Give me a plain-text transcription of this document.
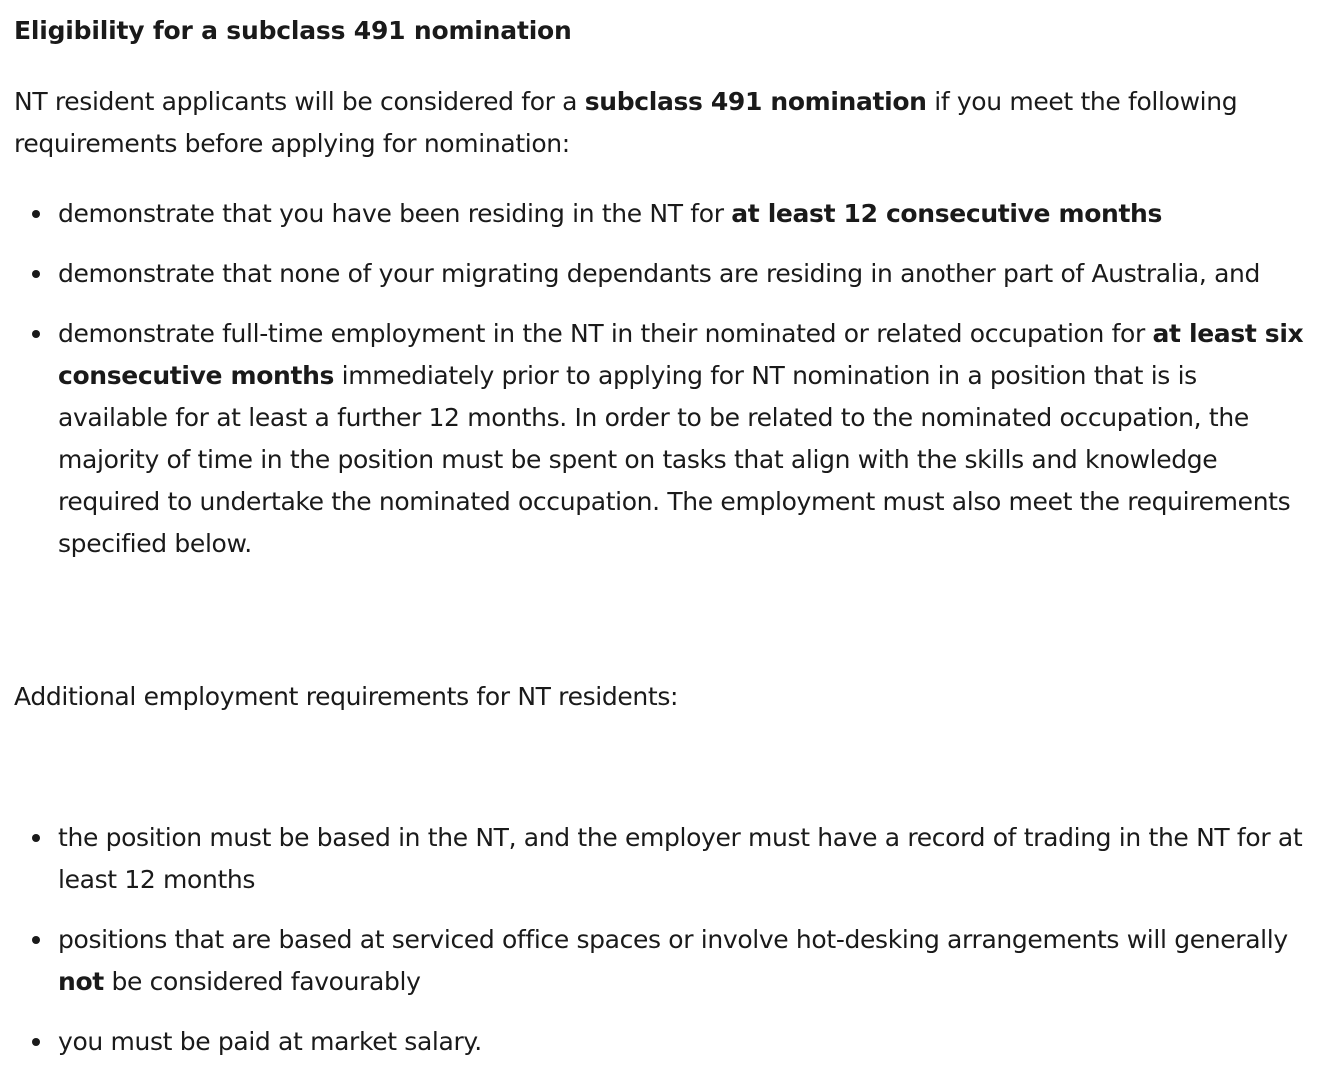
Eligibility for a subclass 491 nomination

NT resident applicants will be considered for a subclass 491 nomination if you meet the following requirements before applying for nomination:

demonstrate that you have been residing in the NT for at least 12 consecutive months
demonstrate that none of your migrating dependants are residing in another part of Australia, and
demonstrate full-time employment in the NT in their nominated or related occupation for at least six consecutive months immediately prior to applying for NT nomination in a position that is is available for at least a further 12 months. In order to be related to the nominated occupation, the majority of time in the position must be spent on tasks that align with the skills and knowledge required to undertake the nominated occupation. The employment must also meet the requirements specified below.

Additional employment requirements for NT residents:

the position must be based in the NT, and the employer must have a record of trading in the NT for at least 12 months
positions that are based at serviced office spaces or involve hot-desking arrangements will generally not be considered favourably
you must be paid at market salary.
